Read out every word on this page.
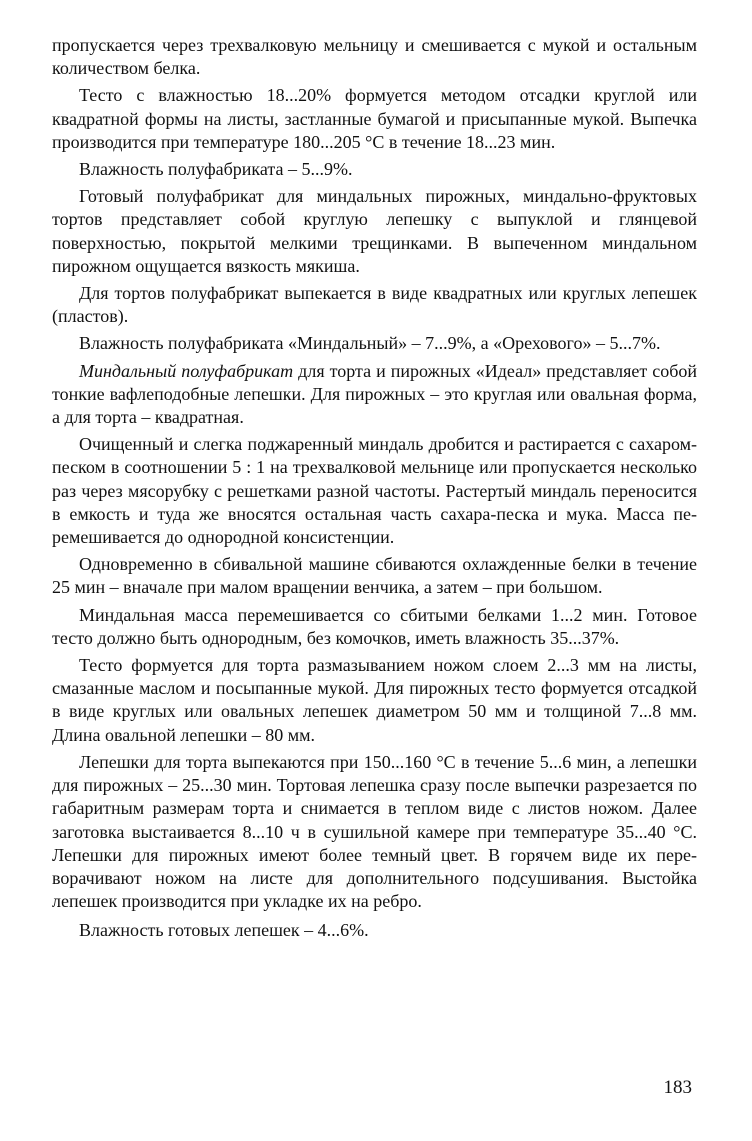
пропускается через трехвалковую мельницу и смешивается с мукой и остальным количеством белка.

Тесто с влажностью 18...20% формуется методом отсадки круглой или квадратной формы на листы, застланные бумагой и присыпанные мукой. Выпечка производится при температуре 180...205 °С в течение 18...23 мин.

Влажность полуфабриката – 5...9%.

Готовый полуфабрикат для миндальных пирожных, миндально-фруктовых тортов представляет собой круглую лепешку с выпуклой и глянцевой поверхностью, покрытой мелкими трещинками. В выпеченном миндальном пирожном ощущается вязкость мякиша.

Для тортов полуфабрикат выпекается в виде квадратных или круглых лепешек (пластов).

Влажность полуфабриката «Миндальный» – 7...9%, а «Орехового» – 5...7%.

Миндальный полуфабрикат для торта и пирожных «Идеал» представляет собой тонкие вафлеподобные лепешки. Для пирожных – это круглая или овальная форма, а для торта – квадратная.

Очищенный и слегка поджаренный миндаль дробится и растирается с сахаром-песком в соотношении 5 : 1 на трехвалковой мельнице или пропускается несколько раз через мясорубку с решетками разной частоты. Растертый миндаль переносится в емкость и туда же вносятся остальная часть сахара-песка и мука. Масса перемешивается до однородной консистенции.

Одновременно в сбивальной машине сбиваются охлажденные белки в течение 25 мин – вначале при малом вращении венчика, а затем – при большом.

Миндальная масса перемешивается со сбитыми белками 1...2 мин. Готовое тесто должно быть однородным, без комочков, иметь влажность 35...37%.

Тесто формуется для торта размазыванием ножом слоем 2...3 мм на листы, смазанные маслом и посыпанные мукой. Для пирожных тесто формуется отсадкой в виде круглых или овальных лепешек диаметром 50 мм и толщиной 7...8 мм. Длина овальной лепешки – 80 мм.

Лепешки для торта выпекаются при 150...160 °С в течение 5...6 мин, а лепешки для пирожных – 25...30 мин. Тортовая лепешка сразу после выпечки разрезается по габаритным размерам торта и снимается в теплом виде с листов ножом. Далее заготовка выстаивается 8...10 ч в сушильной камере при температуре 35...40 °С. Лепешки для пирожных имеют более темный цвет. В горячем виде их переворачивают ножом на листе для дополнительного подсушивания. Выстойка лепешек производится при укладке их на ребро.

Влажность готовых лепешек – 4...6%.

183
